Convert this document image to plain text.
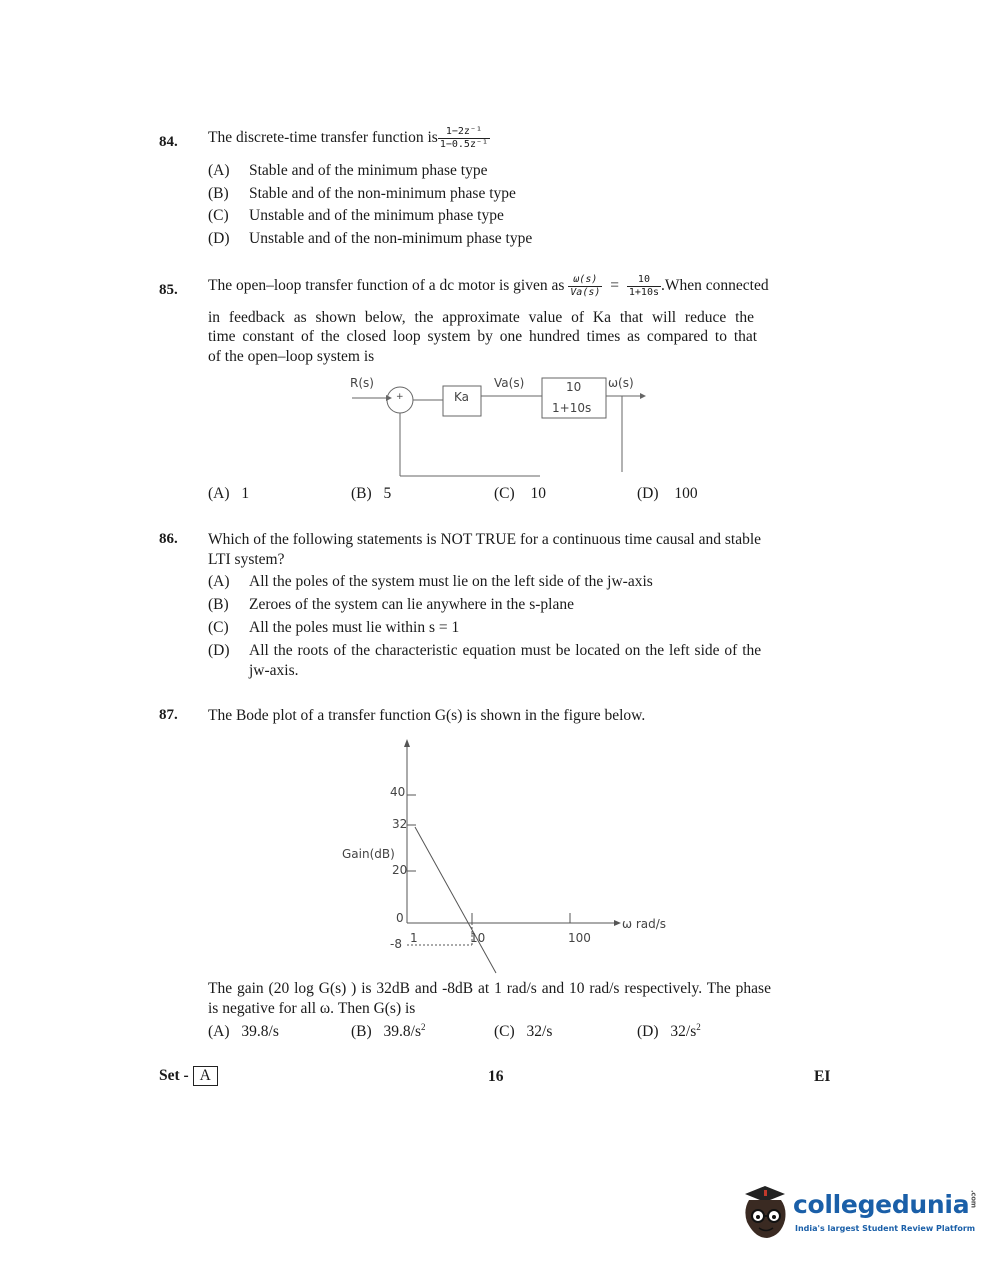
84. The discrete-time transfer function is $\frac{\text{1−2z⁻¹}}{\text{1−0.5z⁻¹}}$
(A) Stable and of the minimum phase type
(B) Stable and of the non-minimum phase type
(C) Unstable and of the minimum phase type
(D) Unstable and of the non-minimum phase type
85. The open–loop transfer function of a dc motor is given as $\frac{\omega(s)}{Va(s)} = \frac{10}{1+10s}$ .When connected
in feedback as shown below, the approximate value of Ka that will reduce the
time constant of the closed loop system by one hundred times as compared to that
of the open–loop system is
R(s)
+	Ka
Va(s)	10
1+10s
ω(s)
(A) 1	(B) 5	(C) 10	(D) 100
86. Which of the following statements is NOT TRUE for a continuous time causal and stable
LTI system?
(A) All the poles of the system must lie on the left side of the jw-axis
(B) Zeroes of the system can lie anywhere in the s-plane
(C) All the poles must lie within s = 1
(D) All the roots of the characteristic equation must be located on the left side of the
jw-axis.
87. The Bode plot of a transfer function G(s) is shown in the figure below.
Gain(dB)
40
32
20
0
-8 1	10	100
ω rad/s
The gain (20 log G(s) ) is 32dB and -8dB at 1 rad/s and 10 rad/s respectively. The phase
is negative for all ω. Then G(s) is
(A) 39.8/s	(B) $39.8/s^2$	(C) 32/s	(D) $32/s^2$
Set - A	16	EI
collegedunia.com
India's largest Student Review Platform
